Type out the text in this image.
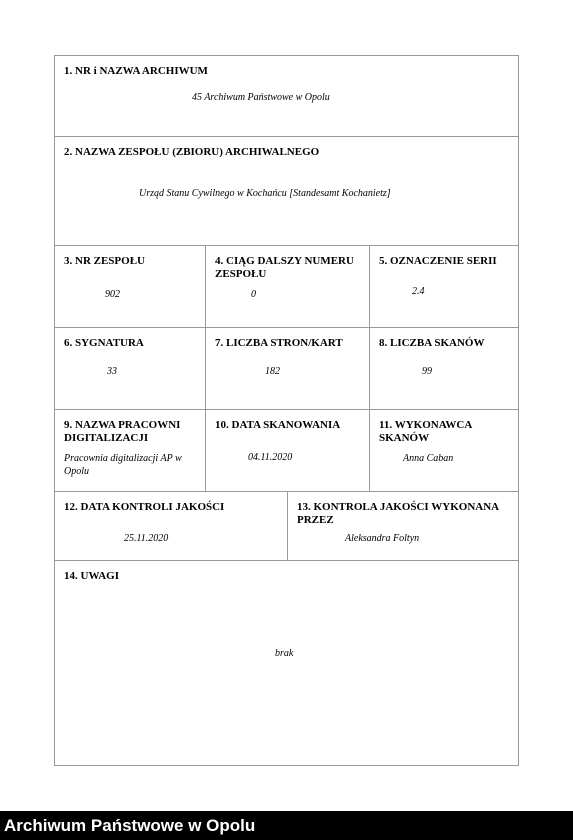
1. NR i NAZWA ARCHIWUM
45 Archiwum Państwowe w Opolu
2. NAZWA ZESPOŁU (ZBIORU) ARCHIWALNEGO
Urząd Stanu Cywilnego w Kochańcu [Standesamt Kochanietz]
3. NR ZESPOŁU
902
4. CIĄG DALSZY NUMERU ZESPOŁU
0
5. OZNACZENIE SERII
2.4
6. SYGNATURA
33
7. LICZBA STRON/KART
182
8. LICZBA SKANÓW
99
9. NAZWA PRACOWNI DIGITALIZACJI
Pracownia digitalizacji AP w Opolu
10. DATA SKANOWANIA
04.11.2020
11. WYKONAWCA SKANÓW
Anna Caban
12. DATA KONTROLI JAKOŚCI
25.11.2020
13. KONTROLA JAKOŚCI WYKONANA PRZEZ
Aleksandra Foltyn
14. UWAGI
brak
Archiwum Państwowe w Opolu
